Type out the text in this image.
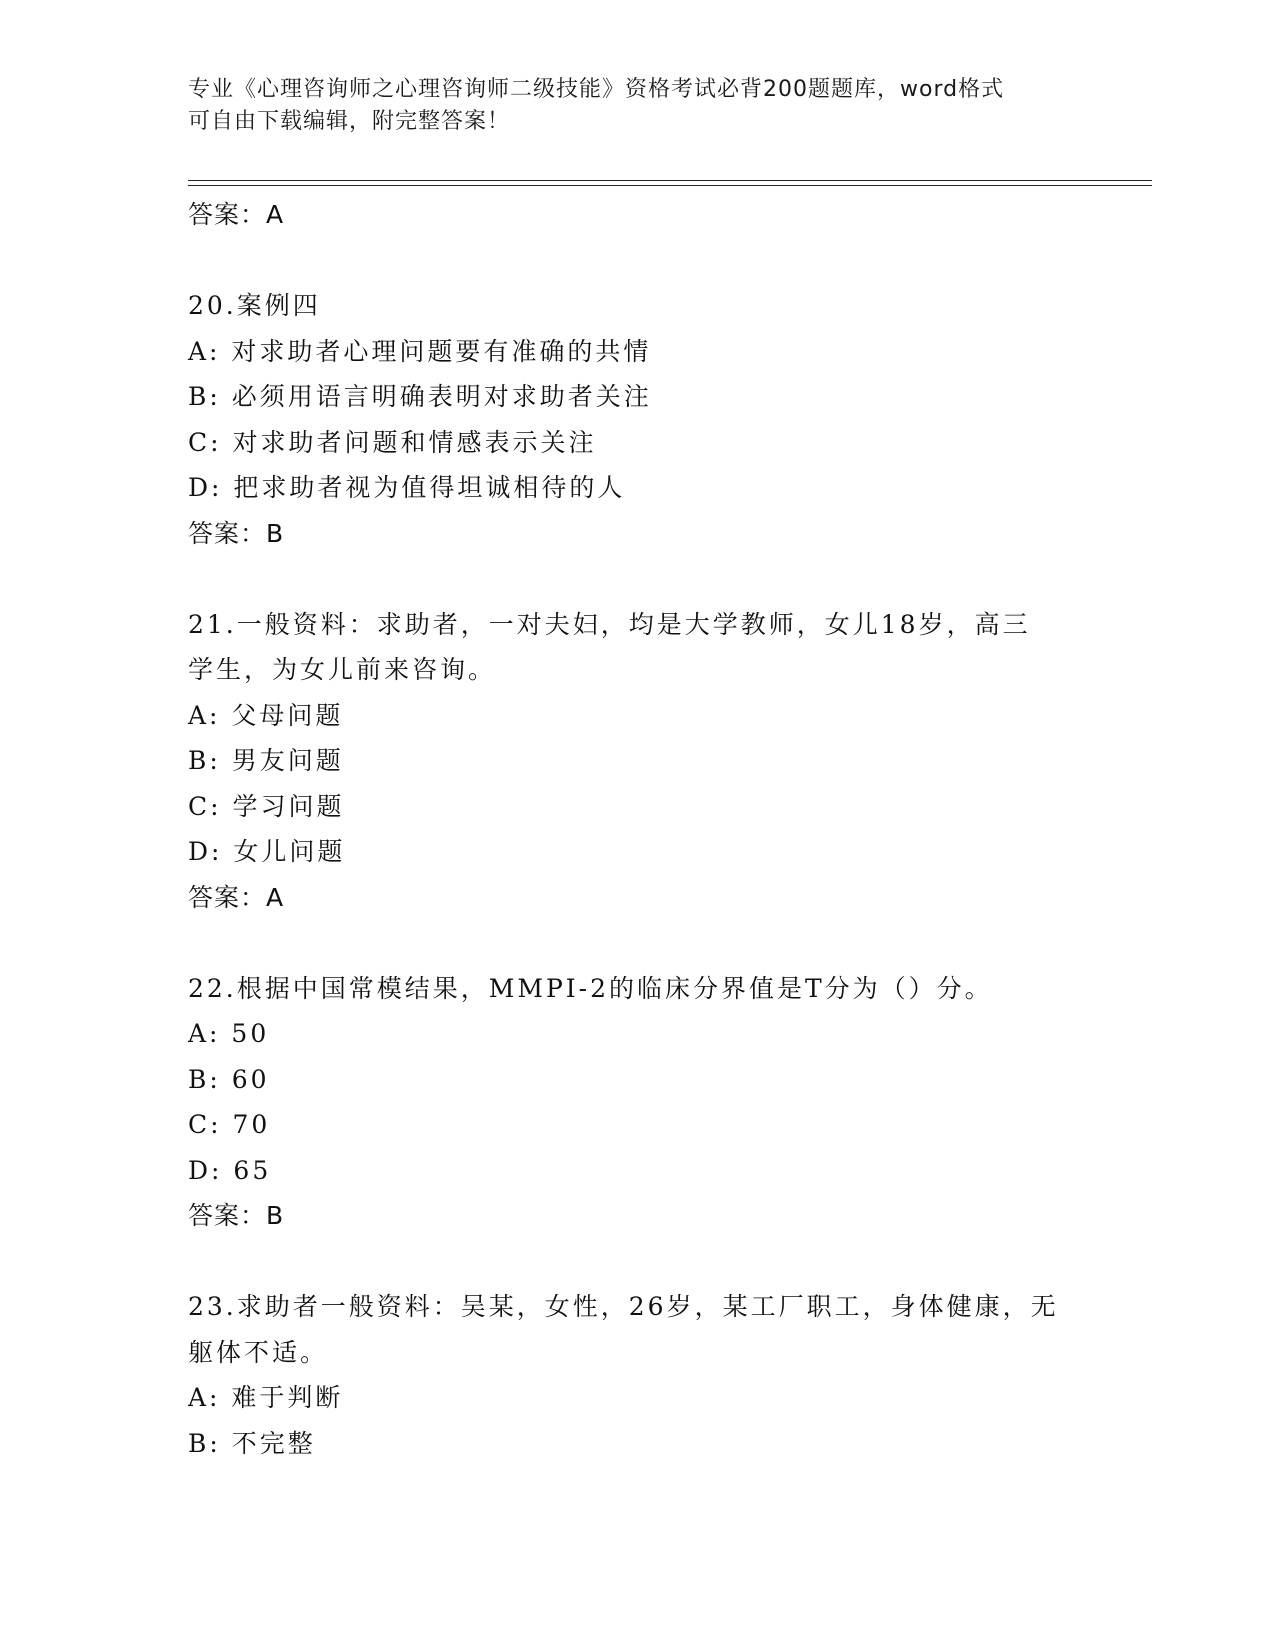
专业《心理咨询师之心理咨询师二级技能》资格考试必背200题题库，word格式
可自由下载编辑，附完整答案！
答案：A
20.案例四
A: 对求助者心理问题要有准确的共情
B: 必须用语言明确表明对求助者关注
C: 对求助者问题和情感表示关注
D: 把求助者视为值得坦诚相待的人
答案：B
21.一般资料：求助者，一对夫妇，均是大学教师，女儿18岁，高三
学生，为女儿前来咨询。
A: 父母问题
B: 男友问题
C: 学习问题
D: 女儿问题
答案：A
22.根据中国常模结果，MMPI-2的临床分界值是T分为（）分。
A: 50
B: 60
C: 70
D: 65
答案：B
23.求助者一般资料：吴某，女性，26岁，某工厂职工，身体健康，无
躯体不适。
A: 难于判断
B: 不完整
